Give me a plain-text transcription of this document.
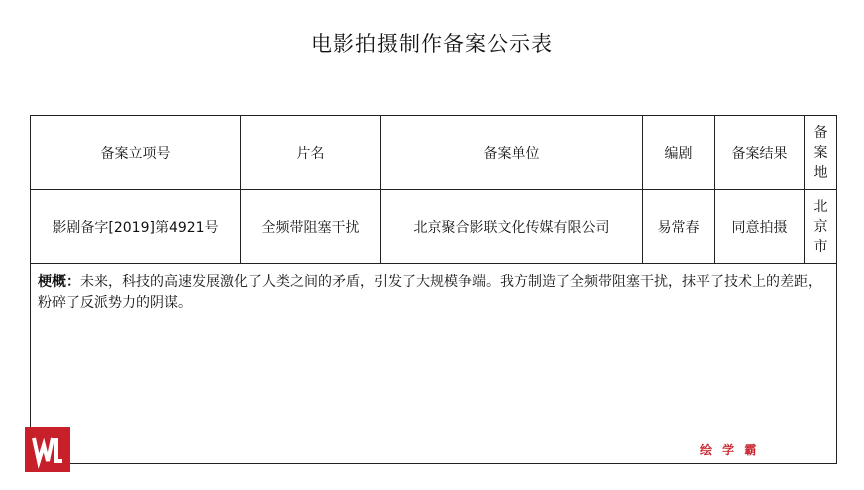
电影拍摄制作备案公示表
备案立项号	片名	备案单位	编剧	备案结果	备案地
影剧备字[2019]第4921号	全频带阻塞干扰	北京聚合影联文化传媒有限公司	易常春	同意拍摄	北京市
梗概：未来，科技的高速发展激化了人类之间的矛盾，引发了大规模争端。我方制造了全频带阻塞干扰，抹平了技术上的差距，粉碎了反派势力的阴谋。					
绘 学 霸
